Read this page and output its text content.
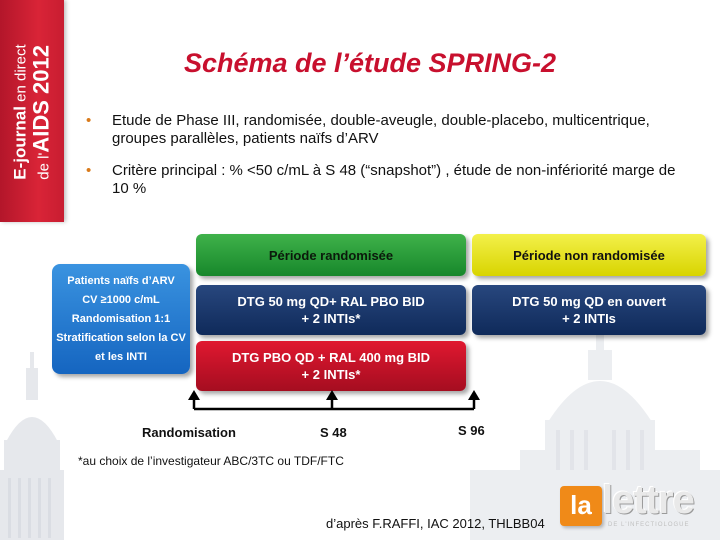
E-journal en direct
de l'AIDS 2012	Schéma de l’étude SPRING-2
• Etude de Phase III, randomisée, double-aveugle, double-placebo, multicentrique, groupes parallèles, patients naïfs d’ARV
• Critère principal : % <50 c/mL à S 48 (“snapshot”) , étude de non-infériorité marge de 10 %
Patients naïfs d’ARV
CV ≥1000 c/mL
Randomisation 1:1
Stratification selon la CV et les INTI
Période randomisée	Période non randomisée
DTG 50 mg QD+ RAL PBO BID
+ 2 INTIs*
DTG 50 mg QD en ouvert
+ 2 INTIs
DTG PBO QD + RAL 400 mg BID
+ 2 INTIs*
Randomisation	S 48	S 96
*au choix de l’investigateur ABC/3TC ou TDF/FTC
d’après F.RAFFI, IAC 2012, THLBB04
la lettre
DE L'INFECTIOLOGUE
